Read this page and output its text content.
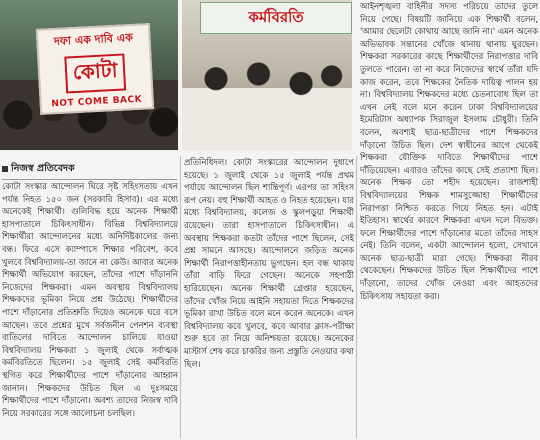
দফা এক দাবি এক
কোটা
NOT COME BACK
কর্মবিরতি
নিজস্ব প্রতিবেদক

কোটা সংস্কার আন্দোলন ঘিরে সৃষ্ট সহিংসতায় এখন পর্যন্ত নিহত ১৫০ জন (সরকারি হিসাব)। এর মধ্যে অনেকেই শিক্ষার্থী। গুলিবিদ্ধ হয়ে অনেক শিক্ষার্থী হাসপাতালে চিকিৎসাধীন। বিভিন্ন বিশ্ববিদ্যালয়ে শিক্ষার্থীরা আন্দোলনের মধ্যে অনির্দিষ্টকালের জন্য বন্ধ। ফিরে এসে ক্যাম্পাসে শিক্ষার পরিবেশ, কবে খুলবে বিশ্ববিদ্যালয়-তা জানে না কেউ। আবার অনেক শিক্ষার্থী অভিযোগ করছেন, তাঁদের পাশে দাঁড়াননি নিজেদের শিক্ষকরা। এমন অবস্থায় বিশ্ববিদ্যালয় শিক্ষকদের ভূমিকা নিয়ে প্রশ্ন উঠেছে। শিক্ষার্থীদের পাশে দাঁড়ানোর প্রতিশ্রুতি দিয়েও অনেকে ঘরে বসে আছেন। তবে প্রশ্নের মুখে সর্বজনীন পেনশন ব্যবস্থা বাতিলের দাবিতে আন্দোলন চালিয়ে যাওয়া বিশ্ববিদ্যালয় শিক্ষকরা ১ জুলাই থেকে সর্বাত্মক কর্মবিরতিতে ছিলেন। ১৫ জুলাই সেই কর্মবিরতি স্থগিত করে শিক্ষার্থীদের পাশে দাঁড়ানোর আহ্বান জানান। শিক্ষকদের উচিত ছিল এ দুঃসময়ে শিক্ষার্থীদের পাশে দাঁড়ানো। অবশ্য তাদের নিজস্ব দাবি নিয়ে সরকারের সঙ্গে আলোচনা চলছিল।

প্রতিনিধিদল। কোটা সংস্কারের আন্দোলন দুধাপে হয়েছে। ১ জুলাই থেকে ১৫ জুলাই পর্যন্ত প্রথম পর্যায়ে আন্দোলন ছিল শান্তিপূর্ণ। এরপর তা সহিংস রূপ নেয়। বহু শিক্ষার্থী আহত ও নিহত হয়েছেন। যার মধ্যে বিশ্ববিদ্যালয়, কলেজ ও স্কুলপড়ুয়া শিক্ষার্থী রয়েছেন। তারা হাসপাতালে চিকিৎসাধীন। এ অবস্থায় শিক্ষকরা কতটা তাঁদের পাশে ছিলেন, সেই প্রশ্ন সামনে আসছে। আন্দোলনে জড়িত অনেক শিক্ষার্থী নিরাপত্তাহীনতায় ভুগছেন। হল বন্ধ থাকায় তাঁরা বাড়ি ফিরে গেছেন। অনেকে সহপাঠী হারিয়েছেন। অনেক শিক্ষার্থী গ্রেপ্তার হয়েছেন, তাঁদের খোঁজ নিয়ে আইনি সহায়তা দিতে শিক্ষকদের ভূমিকা রাখা উচিত বলে মনে করেন অনেকে। এখন বিশ্ববিদ্যালয় কবে খুলবে, কবে আবার ক্লাস-পরীক্ষা শুরু হবে তা নিয়ে অনিশ্চয়তা রয়েছে। অনেকের মাস্টার্স শেষ করে চাকরির জন্য প্রস্তুতি নেওয়ার কথা ছিল।

আইনশৃঙ্খলা বাহিনীর সদস্য পরিচয়ে তাদের তুলে নিয়ে গেছে। বিষয়টি জানিয়ে এক শিক্ষার্থী বলেন, 'আমার ছেলেটা কোথায় আছে জানি না।' এমন অনেক অভিভাবক সন্তানের খোঁজে থানায় থানায় ঘুরছেন। শিক্ষকরা সরকারের কাছে শিক্ষার্থীদের নিরাপত্তার দাবি তুলতে পারেন। তা না করে নিজেদের স্বার্থে তাঁরা যদি কাজ করেন, তবে শিক্ষকের নৈতিক দায়িত্ব পালন হয় না। বিশ্ববিদ্যালয় শিক্ষকদের মধ্যে চেতনাবোধ ছিল তা এখন নেই বলে মনে করেন ঢাকা বিশ্ববিদ্যালয়ের ইমেরিটাস অধ্যাপক সিরাজুল ইসলাম চৌধুরী। তিনি বলেন, অবশ্যই ছাত্র-ছাত্রীদের পাশে শিক্ষকদের দাঁড়ানো উচিত ছিল। দেশ স্বাধীনের আগে থেকেই শিক্ষকরা যৌক্তিক দাবিতে শিক্ষার্থীদের পাশে দাঁড়িয়েছেন। এবারও তাঁদের কাছে সেই প্রত্যাশা ছিল। অনেক শিক্ষক তো শহীদ হয়েছেন। রাজশাহী বিশ্ববিদ্যালয়ের শিক্ষক শামসুজ্জোহা শিক্ষার্থীদের নিরাপত্তা নিশ্চিত করতে গিয়ে নিহত হন। এটাই ইতিহাস। স্বার্থের কারণে শিক্ষকরা এখন দলে বিভক্ত। ফলে শিক্ষার্থীদের পাশে দাঁড়ানোর মতো তাঁদের সাহস নেই। তিনি বলেন, একটা আন্দোলন হলো, সেখানে অনেক ছাত্র-ছাত্রী মারা গেছে। শিক্ষকরা নীরব থেকেছেন। শিক্ষকদের উচিত ছিল শিক্ষার্থীদের পাশে দাঁড়ানো, তাদের খোঁজ নেওয়া এবং আহতদের চিকিৎসায় সহায়তা করা।
